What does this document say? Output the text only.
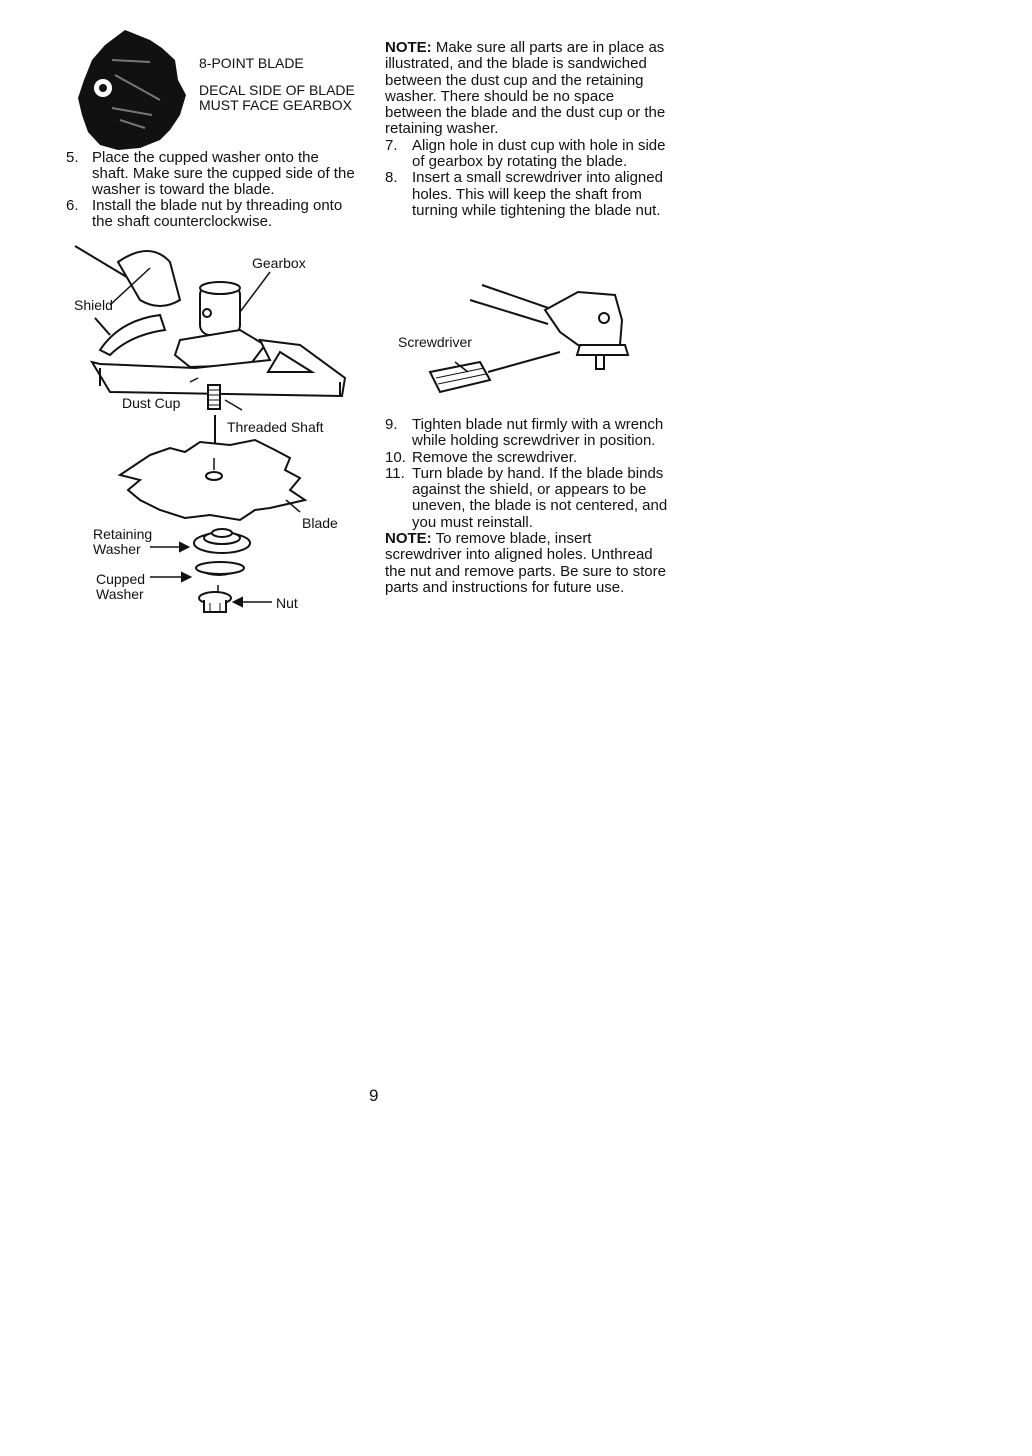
8-POINT BLADE
DECAL SIDE OF BLADE MUST FACE GEARBOX
5. Place the cupped washer onto the shaft. Make sure the cupped side of the washer is toward the blade.
6. Install the blade nut by threading onto the shaft counterclockwise.
Gearbox
Shield
Dust Cup
Threaded Shaft
Blade
Retaining Washer
Cupped Washer
Nut

NOTE: Make sure all parts are in place as illustrated, and the blade is sandwiched between the dust cup and the retaining washer. There should be no space between the blade and the dust cup or the retaining washer.

7. Align hole in dust cup with hole in side of gearbox by rotating the blade.
8. Insert a small screwdriver into aligned holes. This will keep the shaft from turning while tightening the blade nut.
Screwdriver
9. Tighten blade nut firmly with a wrench while holding screwdriver in position.
10. Remove the screwdriver.
11. Turn blade by hand. If the blade binds against the shield, or appears to be uneven, the blade is not centered, and you must reinstall.

NOTE: To remove blade, insert screwdriver into aligned holes. Unthread the nut and remove parts. Be sure to store parts and instructions for future use.

9
